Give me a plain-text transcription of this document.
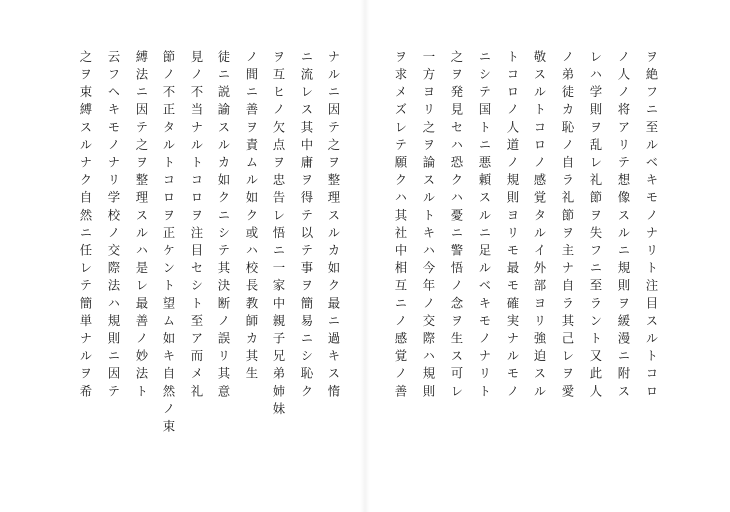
之ヲ束縛スルナク自然ニ任レテ簡単ナルヲ希	云フヘキモノナリ学校ノ交際法ハ規則ニ因テ	縛法ニ因テ之ヲ整理スルハ是レ最善ノ妙法ト 節ノ不正タルトコロヲ正ケント望ム如キ自然ノ束	見ノ不当ナルトコロヲ注目セシト至ア而メ礼 徒ニ説諭スルカ如クニシテ其決断ノ誤リ其意	ノ間ニ善ヲ責ムル如ク或ハ校長教師カ其生 ヲ互ヒノ欠点ヲ忠告レ悟ニ一家中親子兄弟姉妹	ニ流レス其中庸ヲ得テ以テ事ヲ簡易ニシ恥ク ナルニ因テ之ヲ整理スルカ如ク最ニ過キス惰	ヲ求メズレテ願クハ其社中相互ニノ感覚ノ善	一方ヨリ之ヲ論スルトキハ今年ノ交際ハ規則	之ヲ発見セハ恐クハ憂ニ警悟ノ念ヲ生ス可レ	ニシテ国トニ悪頼スルニ足ルベキモノナリト	トコロノ人道ノ規則ヨリモ最モ確実ナルモノ 敬スルトコロノ感覚タルイ外部ヨリ強迫スル	ノ弟徒カ恥ノ自ラ礼節ヲ主ナ自ラ其己レヲ愛	レハ学則ヲ乱レ礼節ヲ失フニ至ラント又此人	ノ人ノ将アリテ想像スルニ規則ヲ緩漫ニ附ス	ヲ絶フニ至ルベキモノナリト注目スルトコロ
